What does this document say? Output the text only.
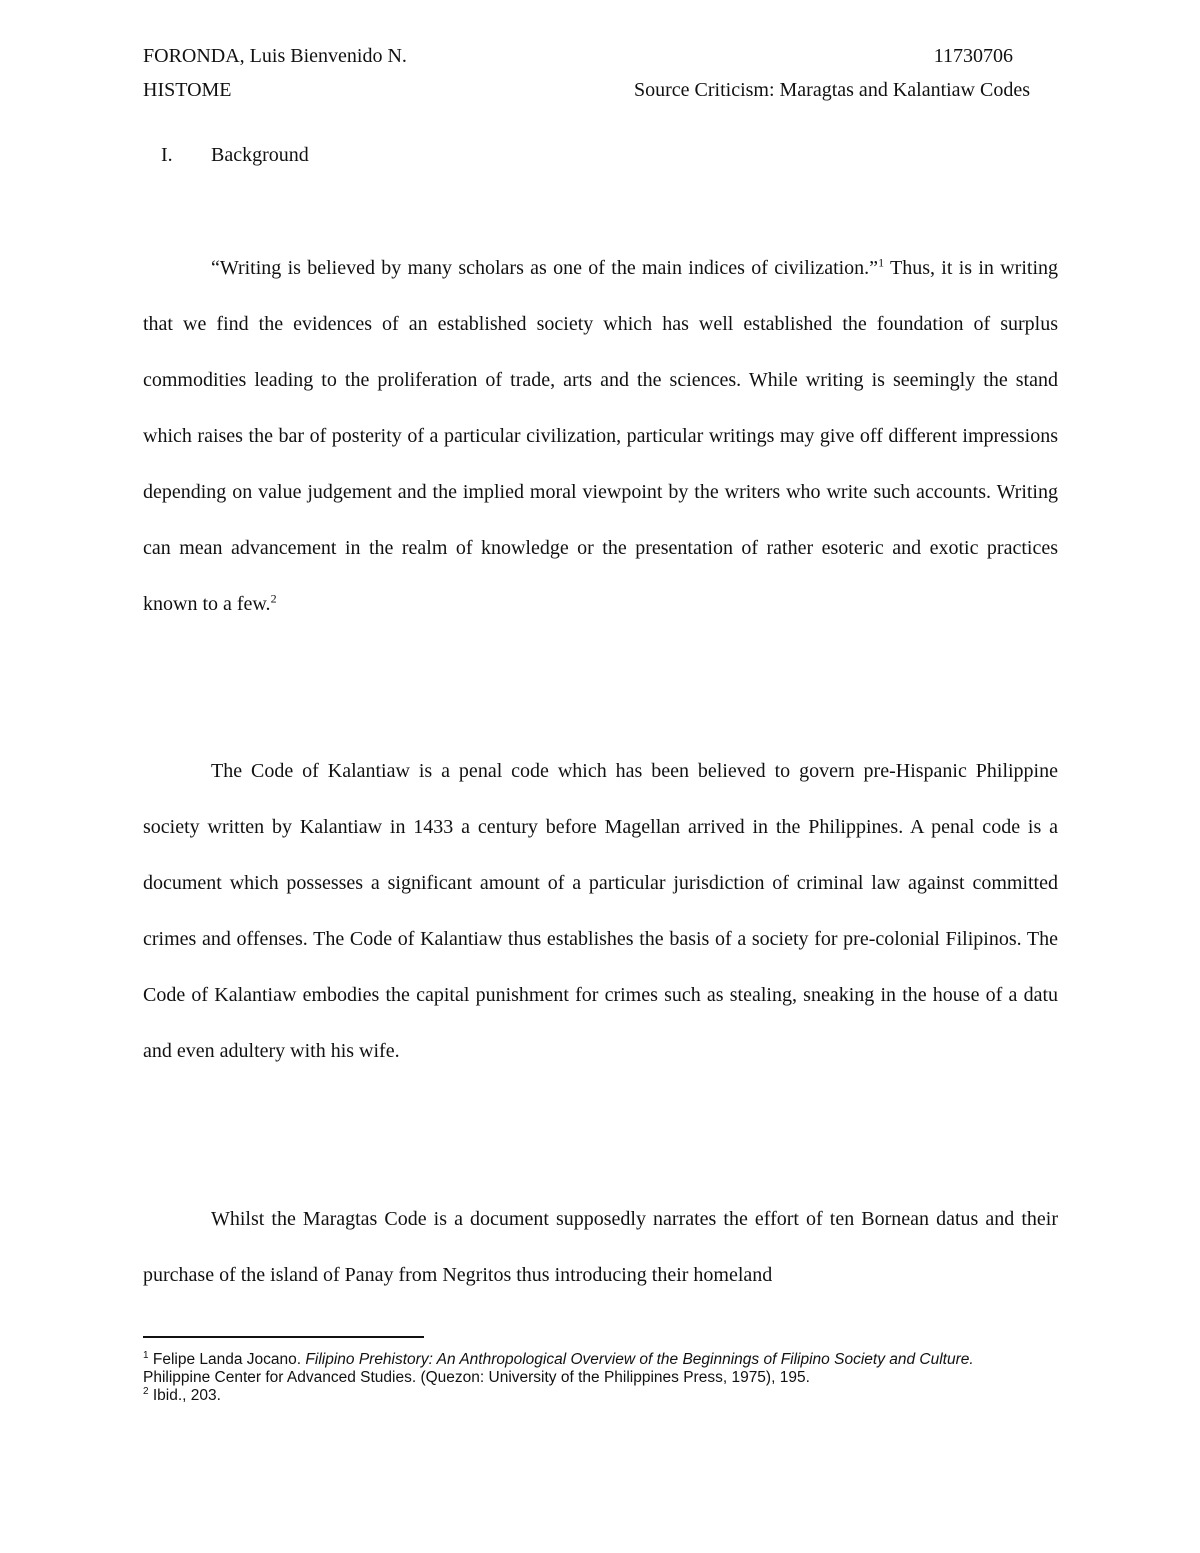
FORONDA, Luis Bienvenido N.	11730706
HISTOME	Source Criticism: Maragtas and Kalantiaw Codes
I. Background

“Writing is believed by many scholars as one of the main indices of civilization.”$^1$ Thus, it is in writing that we find the evidences of an established society which has well established the foundation of surplus commodities leading to the proliferation of trade, arts and the sciences. While writing is seemingly the stand which raises the bar of posterity of a particular civilization, particular writings may give off different impressions depending on value judgement and the implied moral viewpoint by the writers who write such accounts. Writing can mean advancement in the realm of knowledge or the presentation of rather esoteric and exotic practices known to a few.$^2$

The Code of Kalantiaw is a penal code which has been believed to govern pre-Hispanic Philippine society written by Kalantiaw in 1433 a century before Magellan arrived in the Philippines. A penal code is a document which possesses a significant amount of a particular jurisdiction of criminal law against committed crimes and offenses. The Code of Kalantiaw thus establishes the basis of a society for pre-colonial Filipinos. The Code of Kalantiaw embodies the capital punishment for crimes such as stealing, sneaking in the house of a datu and even adultery with his wife.

Whilst the Maragtas Code is a document supposedly narrates the effort of ten Bornean datus and their purchase of the island of Panay from Negritos thus introducing their homeland

$^1$ Felipe Landa Jocano. Filipino Prehistory: An Anthropological Overview of the Beginnings of Filipino Society and Culture. Philippine Center for Advanced Studies. (Quezon: University of the Philippines Press, 1975), 195.

$^2$ Ibid., 203.
